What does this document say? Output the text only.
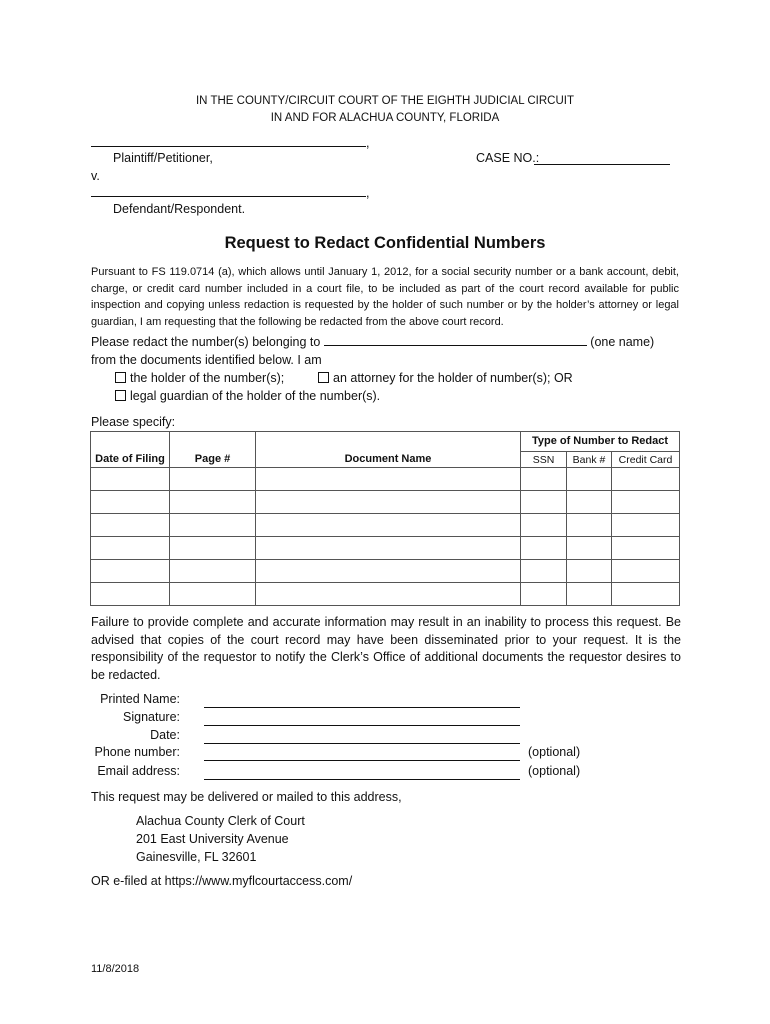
IN THE COUNTY/CIRCUIT COURT OF THE EIGHTH JUDICIAL CIRCUIT
IN AND FOR ALACHUA COUNTY, FLORIDA
,
Plaintiff/Petitioner,	CASE NO.:
v.
,
Defendant/Respondent.
Request to Redact Confidential Numbers
Pursuant to FS 119.0714 (a), which allows until January 1, 2012, for a social security number or a bank account, debit, charge, or credit card number included in a court file, to be included as part of the court record available for public inspection and copying unless redaction is requested by the holder of such number or by the holder’s attorney or legal guardian, I am requesting that the following be redacted from the above court record.
Please redact the number(s) belonging to	(one name)
from the documents identified below. I am
the holder of the number(s);	an attorney for the holder of number(s); OR
legal guardian of the holder of the number(s).
Please specify:
Date of Filing	Page #	Document Name	Type of Number to Redact		
			SSN	Bank #	Credit Card

Failure to provide complete and accurate information may result in an inability to process this request. Be advised that copies of the court record may have been disseminated prior to your request. It is the responsibility of the requestor to notify the Clerk’s Office of additional documents the requestor desires to be redacted.
Printed Name:
Signature:
Date:
Phone number:	(optional)
Email address:	(optional)
This request may be delivered or mailed to this address,
Alachua County Clerk of Court
201 East University Avenue
Gainesville, FL 32601
OR e-filed at https://www.myflcourtaccess.com/
11/8/2018
